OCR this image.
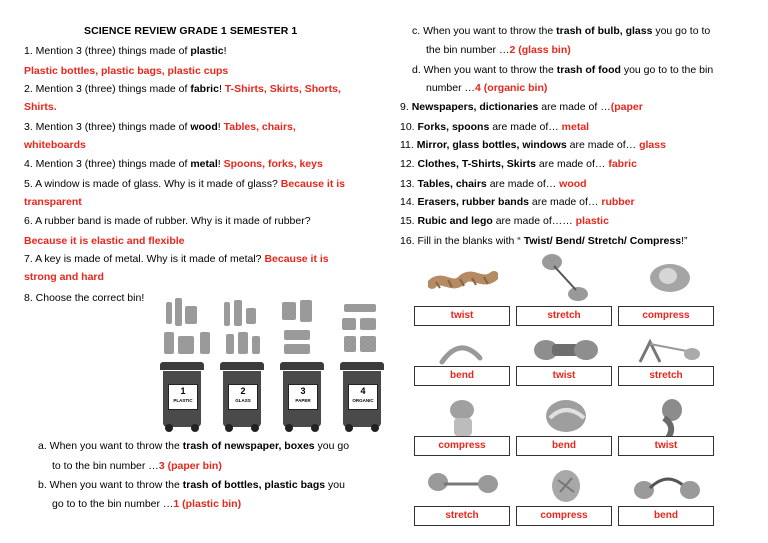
SCIENCE REVIEW GRADE 1 SEMESTER 1
1. Mention 3 (three) things made of plastic!
Plastic bottles, plastic bags, plastic cups
2. Mention 3 (three) things made of fabric! T-Shirts, Skirts, Shorts,
Shirts.
3. Mention 3 (three) things made of wood! Tables, chairs,
whiteboards
4. Mention 3 (three) things made of metal! Spoons, forks, keys
5. A window is made of glass. Why is it made of glass? Because it is
transparent
6. A rubber band is made of rubber. Why is it made of rubber?
Because it is elastic and flexible
7. A key is made of metal. Why is it made of metal? Because it is
strong and hard
8. Choose the correct bin!
1
PLASTIC
2
GLASS
3
PAPER
4
ORGANIC
a. When you want to throw the trash of newspaper, boxes you go
to to the bin number …3 (paper bin)
b. When you want to throw the trash of bottles, plastic bags you
go to to the bin number …1 (plastic bin)
c. When you want to throw the trash of bulb, glass you go to to
the bin number …2 (glass bin)
d. When you want to throw the trash of food you go to to the bin
number …4 (organic bin)
9. Newspapers, dictionaries are made of …(paper
10. Forks, spoons are made of… metal
11. Mirror, glass bottles, windows are made of… glass
12. Clothes, T-Shirts, Skirts are made of… fabric
13. Tables, chairs are made of… wood
14. Erasers, rubber bands are made of… rubber
15. Rubic and lego are made of…… plastic
16. Fill in the blanks with “ Twist/ Bend/ Stretch/ Compress!”
twist	stretch	compress
bend	twist	stretch
compress	bend	twist
stretch	compress	bend
